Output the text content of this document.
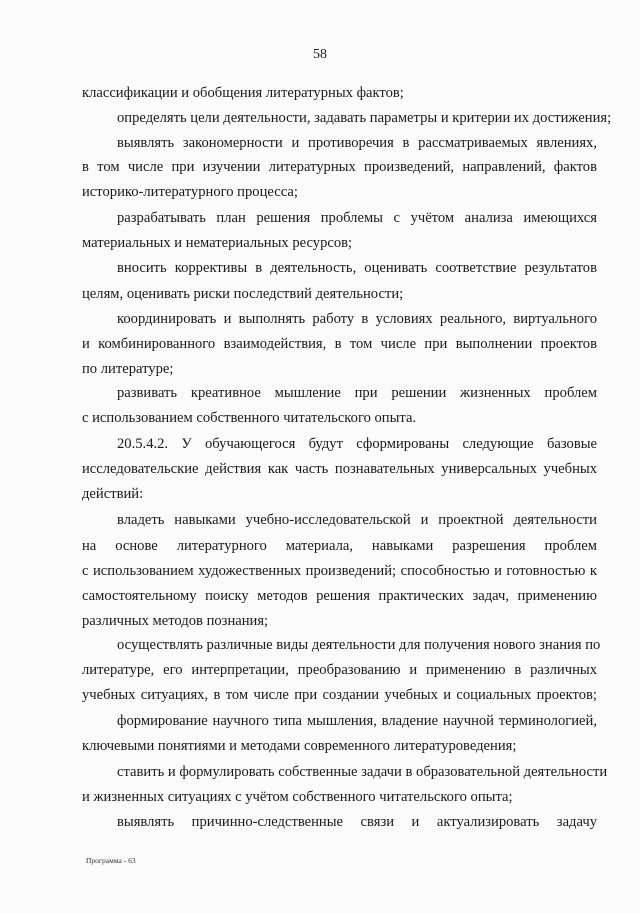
58
классификации и обобщения литературных фактов;
определять цели деятельности, задавать параметры и критерии их достижения;
выявлять закономерности и противоречия в рассматриваемых явлениях,
в том числе при изучении литературных произведений, направлений, фактов
историко-литературного процесса;
разрабатывать план решения проблемы с учётом анализа имеющихся
материальных и нематериальных ресурсов;
вносить коррективы в деятельность, оценивать соответствие результатов
целям, оценивать риски последствий деятельности;
координировать и выполнять работу в условиях реального, виртуального
и комбинированного взаимодействия, в том числе при выполнении проектов
по литературе;
развивать креативное мышление при решении жизненных проблем
с использованием собственного читательского опыта.
20.5.4.2. У обучающегося будут сформированы следующие базовые
исследовательские действия как часть познавательных универсальных учебных
действий:
владеть навыками учебно-исследовательской и проектной деятельности
на основе литературного материала, навыками разрешения проблем
с использованием художественных произведений; способностью и готовностью к
самостоятельному поиску методов решения практических задач, применению
различных методов познания;
осуществлять различные виды деятельности для получения нового знания по
литературе, его интерпретации, преобразованию и применению в различных
учебных ситуациях, в том числе при создании учебных и социальных проектов;
формирование научного типа мышления, владение научной терминологией,
ключевыми понятиями и методами современного литературоведения;
ставить и формулировать собственные задачи в образовательной деятельности
и жизненных ситуациях с учётом собственного читательского опыта;
выявлять причинно-следственные связи и актуализировать задачу
Программа - 63
